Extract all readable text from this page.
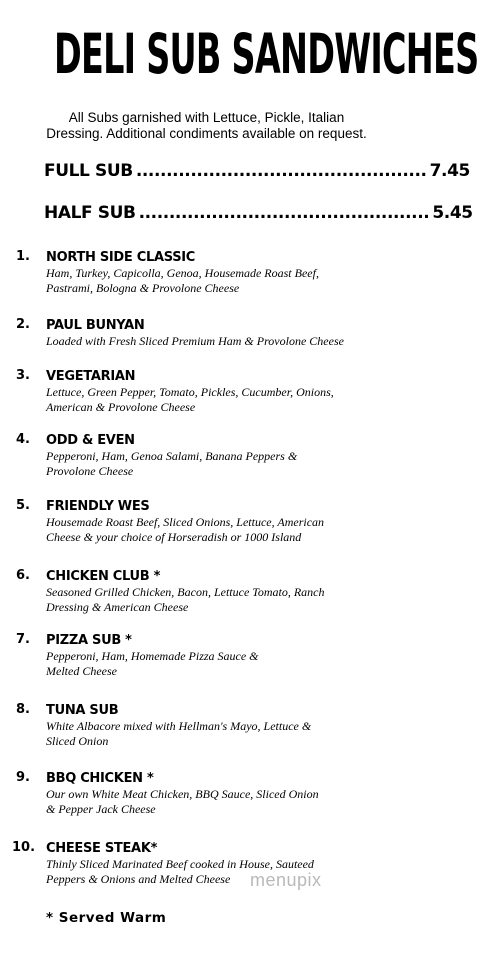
DELI SUB SANDWICHES
All Subs garnished with Lettuce, Pickle, Italian
Dressing. Additional condiments available on request.
FULL SUB ................................................ 7.45
HALF SUB ................................................ 5.45
1. NORTH SIDE CLASSIC
Ham, Turkey, Capicolla, Genoa, Housemade Roast Beef,
Pastrami, Bologna & Provolone Cheese
2. PAUL BUNYAN
Loaded with Fresh Sliced Premium Ham & Provolone Cheese
3. VEGETARIAN
Lettuce, Green Pepper, Tomato, Pickles, Cucumber, Onions,
American & Provolone Cheese
4. ODD & EVEN
Pepperoni, Ham, Genoa Salami, Banana Peppers &
Provolone Cheese
5. FRIENDLY WES
Housemade Roast Beef, Sliced Onions, Lettuce, American
Cheese & your choice of Horseradish or 1000 Island
6. CHICKEN CLUB *
Seasoned Grilled Chicken, Bacon, Lettuce Tomato, Ranch
Dressing & American Cheese
7. PIZZA SUB *
Pepperoni, Ham, Homemade Pizza Sauce &
Melted Cheese
8. TUNA SUB
White Albacore mixed with Hellman's Mayo, Lettuce &
Sliced Onion
9. BBQ CHICKEN *
Our own White Meat Chicken, BBQ Sauce, Sliced Onion
& Pepper Jack Cheese
10. CHEESE STEAK*
Thinly Sliced Marinated Beef cooked in House, Sauteed
Peppers & Onions and Melted Cheese	menupix
* Served Warm
